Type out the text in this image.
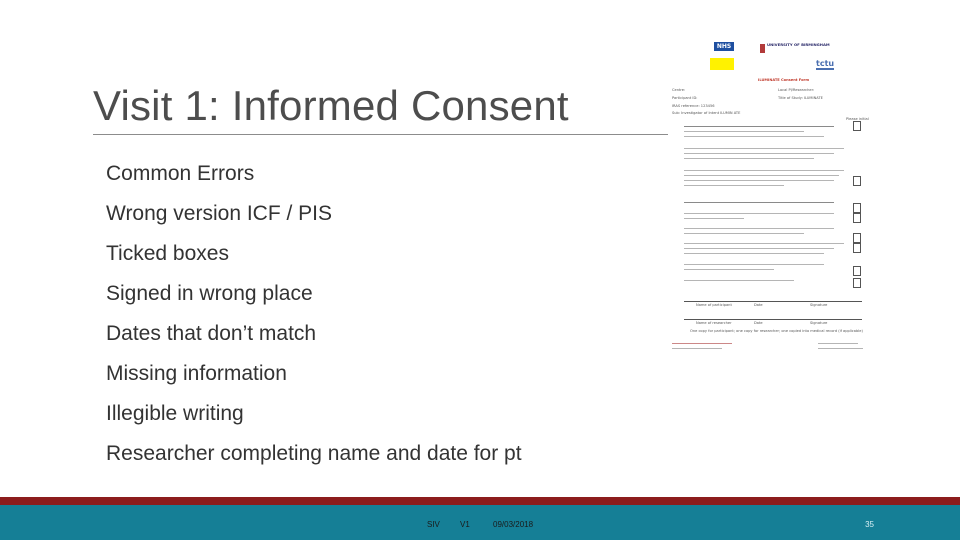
Visit 1: Informed Consent
Common Errors
Wrong version ICF / PIS
Ticked boxes
Signed in wrong place
Dates that don’t match
Missing information
Illegible writing
Researcher completing name and date for pt
NHS	UNIVERSITY OF BIRMINGHAM
tctu
ILUMINATE Consent Form
Centre:
Participant ID:
IRAS reference: 123456
Sub: Investigator of Intent ILUMIN ATE
Local PI/Researcher:
Title of Study: ILUMINATE
Please initial
Name of participant	Date	Signature
Name of researcher	Date	Signature
One copy for participant; one copy for researcher; one copied into medical record (if applicable)
SIV	V1	09/03/2018	35
